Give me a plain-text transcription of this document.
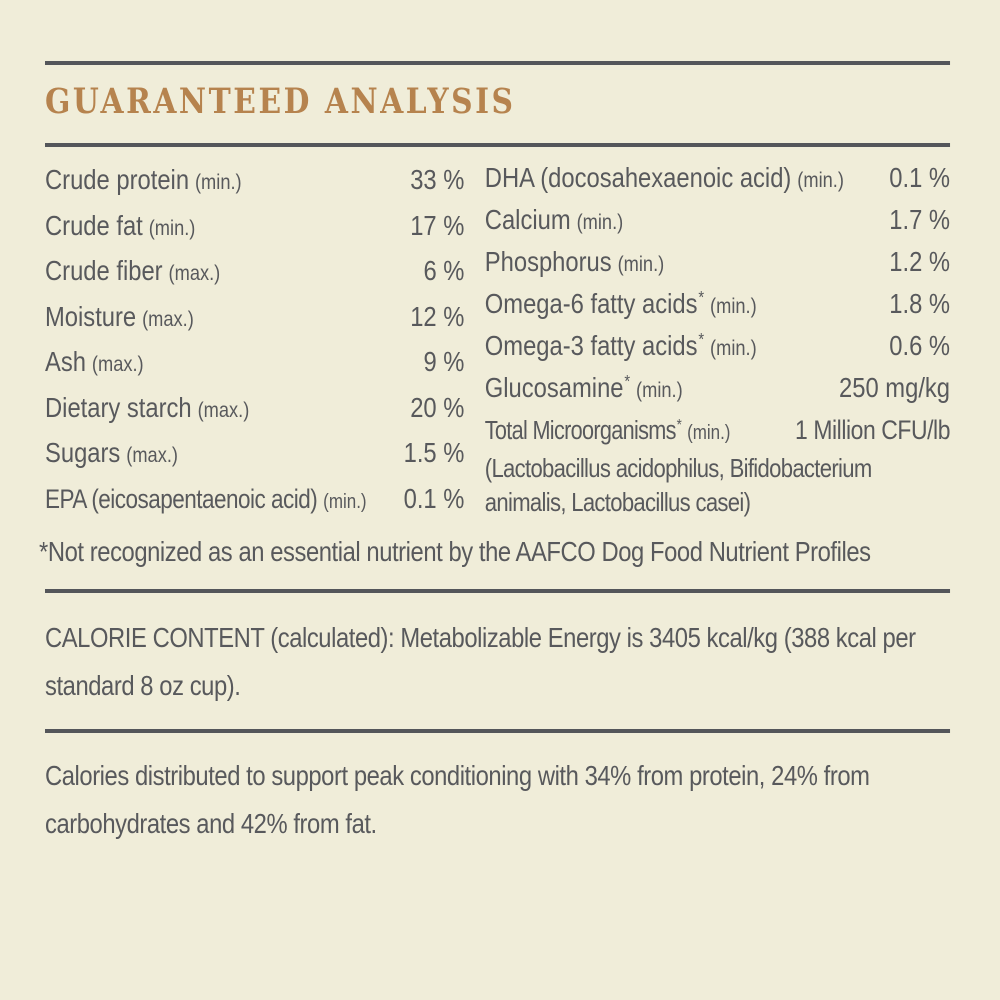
GUARANTEED ANALYSIS
Crude protein (min.)	33 %
Crude fat (min.)	17 %
Crude fiber (max.)	6 %
Moisture (max.)	12 %
Ash (max.)	9 %
Dietary starch (max.)	20 %
Sugars (max.)	1.5 %
EPA (eicosapentaenoic acid) (min.) 0.1 %
DHA (docosahexaenoic acid) (min.) 0.1 %
Calcium (min.)	1.7 %
Phosphorus (min.)	1.2 %
Omega-6 fatty acids* (min.)	1.8 %
Omega-3 fatty acids* (min.)	0.6 %
Glucosamine* (min.)	250 mg/kg
Total Microorganisms* (min.) 1 Million CFU/lb
(Lactobacillus acidophilus, Bifidobacterium animalis, Lactobacillus casei)

*Not recognized as an essential nutrient by the AAFCO Dog Food Nutrient Profiles

CALORIE CONTENT (calculated): Metabolizable Energy is 3405 kcal/kg (388 kcal per standard 8 oz cup).

Calories distributed to support peak conditioning with 34% from protein, 24% from carbohydrates and 42% from fat.
